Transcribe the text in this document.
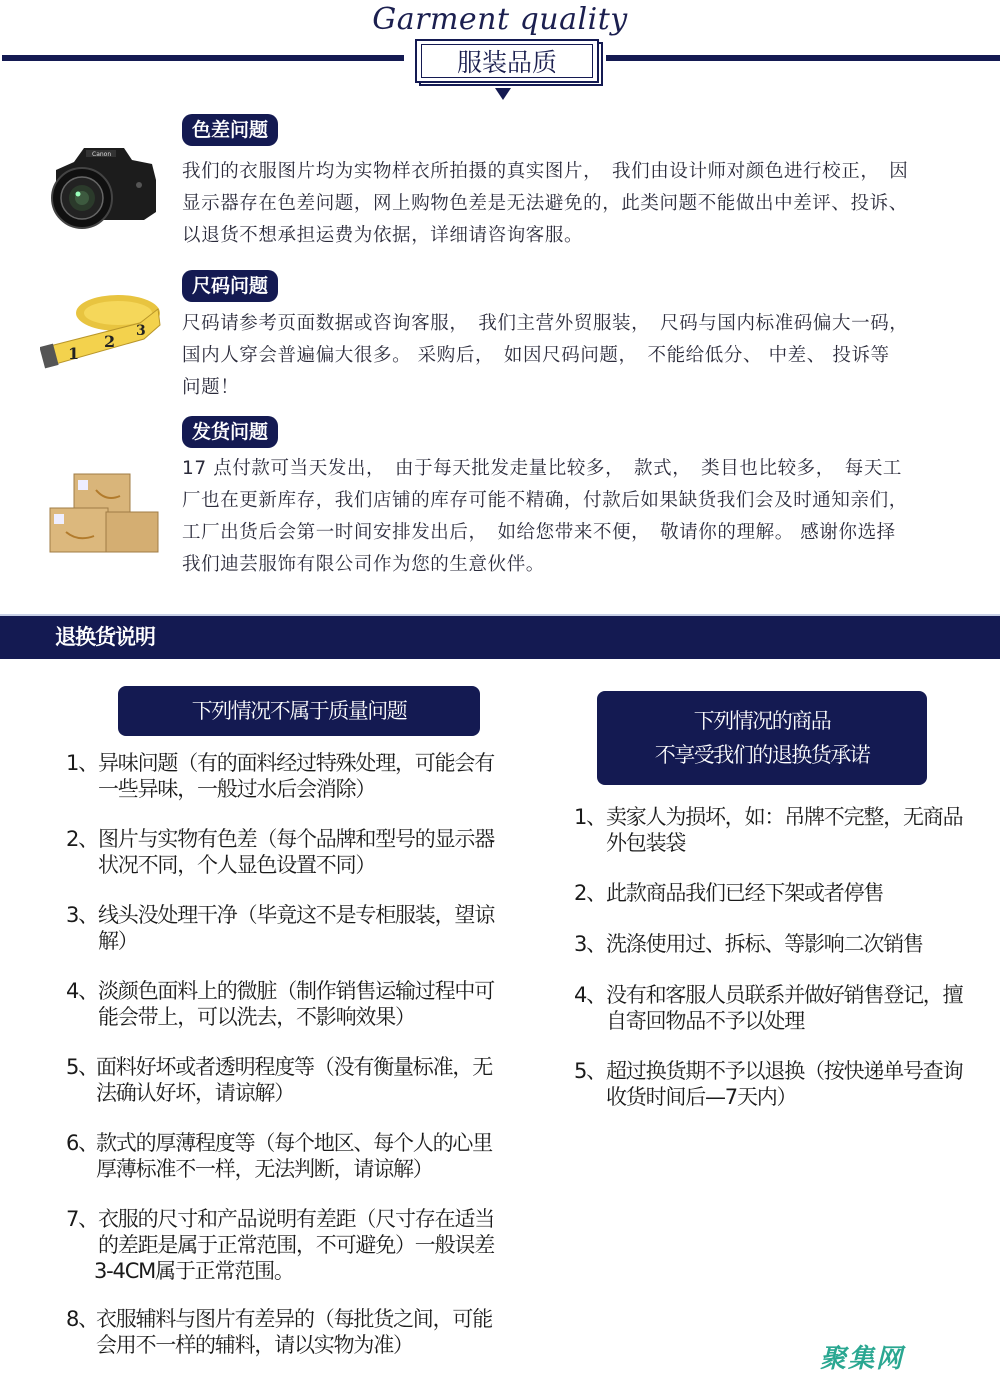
Garment quality
服装品质
Canon
色差问题
我们的衣服图片均为实物样衣所拍摄的真实图片，　我们由设计师对颜色进行校正，　因
显示器存在色差问题，网上购物色差是无法避免的，此类问题不能做出中差评、投诉、
以退货不想承担运费为依据，详细请咨询客服。
1
2
3
尺码问题
尺码请参考页面数据或咨询客服，　我们主营外贸服装，　尺码与国内标准码偏大一码，
国内人穿会普遍偏大很多。 采购后，　如因尺码问题，　不能给低分、 中差、 投诉等
问题！
发货问题
17 点付款可当天发出，　由于每天批发走量比较多，　款式，　类目也比较多，　每天工
厂也在更新库存，我们店铺的库存可能不精确，付款后如果缺货我们会及时通知亲们，
工厂出货后会第一时间安排发出后，　如给您带来不便，　敬请你的理解。 感谢你选择
我们迪芸服饰有限公司作为您的生意伙伴。
退换货说明
下列情况不属于质量问题
1、 异味问题（有的面料经过特殊处理，可能会有
一些异味，一般过水后会消除）
2、 图片与实物有色差（每个品牌和型号的显示器
状况不同，个人显色设置不同）
3、 线头没处理干净（毕竟这不是专柜服装，望谅
解）
4、 淡颜色面料上的微脏（制作销售运输过程中可
能会带上，可以洗去，不影响效果）
5、
面料好坏或者透明程度等（没有衡量标准，无
法确认好坏，请谅解）
6、
款式的厚薄程度等（每个地区、每个人的心里
厚薄标准不一样，无法判断，请谅解）
7、 衣服的尺寸和产品说明有差距（尺寸存在适当
的差距是属于正常范围，不可避免）一般误差
3-4CM属于正常范围。
8、
衣服辅料与图片有差异的（每批货之间，可能
会用不一样的辅料，请以实物为准）
下列情况的商品
不享受我们的退换货承诺
1、 卖家人为损坏，如：吊牌不完整，无商品
外包装袋
2、 此款商品我们已经下架或者停售
3、 洗涤使用过、拆标、等影响二次销售
4、 没有和客服人员联系并做好销售登记，擅
自寄回物品不予以处理
5、 超过换货期不予以退换（按快递单号查询
收货时间后—7天内）
聚集网
